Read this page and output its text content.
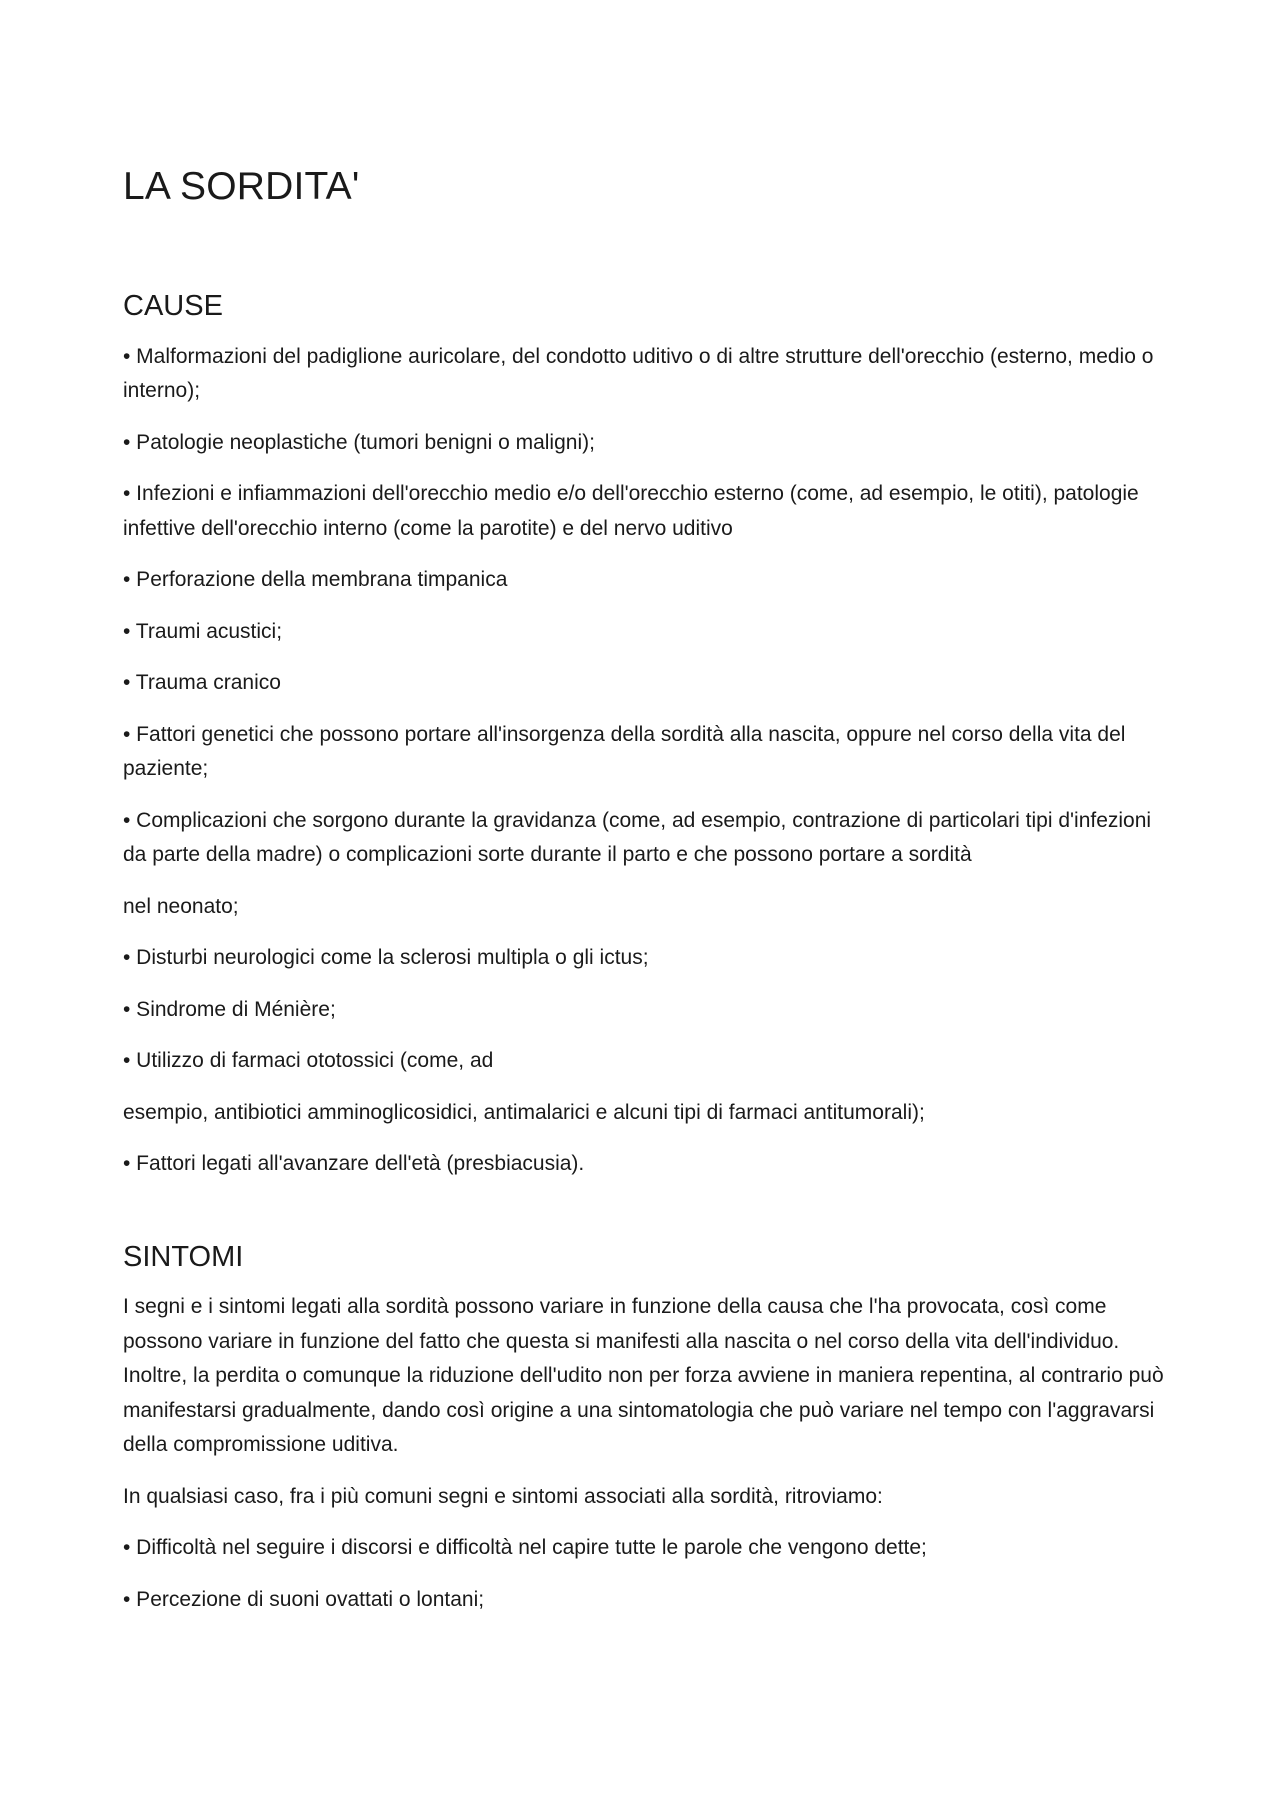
LA SORDITA'
CAUSE

• Malformazioni del padiglione auricolare, del condotto uditivo o di altre strutture dell'orecchio (esterno, medio o interno);

• Patologie neoplastiche (tumori benigni o maligni);

• Infezioni e infiammazioni dell'orecchio medio e/o dell'orecchio esterno (come, ad esempio, le otiti), patologie infettive dell'orecchio interno (come la parotite) e del nervo uditivo

• Perforazione della membrana timpanica

• Traumi acustici;

• Trauma cranico

• Fattori genetici che possono portare all'insorgenza della sordità alla nascita, oppure nel corso della vita del paziente;

• Complicazioni che sorgono durante la gravidanza (come, ad esempio, contrazione di particolari tipi d'infezioni da parte della madre) o complicazioni sorte durante il parto e che possono portare a sordità

nel neonato;

• Disturbi neurologici come la sclerosi multipla o gli ictus;

• Sindrome di Ménière;

• Utilizzo di farmaci ototossici (come, ad

esempio, antibiotici amminoglicosidici, antimalarici e alcuni tipi di farmaci antitumorali);

• Fattori legati all'avanzare dell'età (presbiacusia).

SINTOMI

I segni e i sintomi legati alla sordità possono variare in funzione della causa che l'ha provocata, così come possono variare in funzione del fatto che questa si manifesti alla nascita o nel corso della vita dell'individuo. Inoltre, la perdita o comunque la riduzione dell'udito non per forza avviene in maniera repentina, al contrario può manifestarsi gradualmente, dando così origine a una sintomatologia che può variare nel tempo con l'aggravarsi della compromissione uditiva.

In qualsiasi caso, fra i più comuni segni e sintomi associati alla sordità, ritroviamo:

• Difficoltà nel seguire i discorsi e difficoltà nel capire tutte le parole che vengono dette;

• Percezione di suoni ovattati o lontani;
